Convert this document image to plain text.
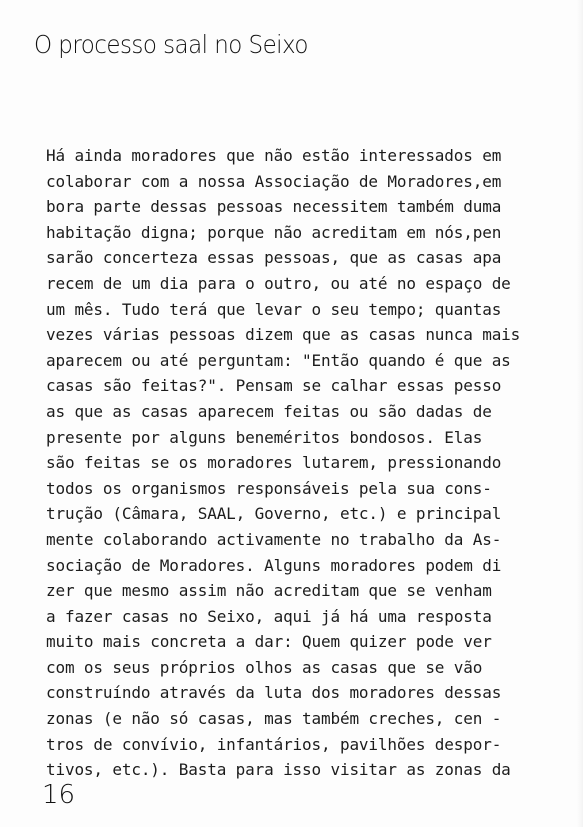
O processo saal no Seixo
Há ainda moradores que não estão interessados em
colaborar com a nossa Associação de Moradores,em
bora parte dessas pessoas necessitem também duma
habitação digna; porque não acreditam em nós,pen
sarão concerteza essas pessoas, que as casas apa
recem de um dia para o outro, ou até no espaço de
um mês. Tudo terá que levar o seu tempo; quantas
vezes várias pessoas dizem que as casas nunca mais
aparecem ou até perguntam: "Então quando é que as
casas são feitas?". Pensam se calhar essas pesso
as que as casas aparecem feitas ou são dadas de
presente por alguns beneméritos bondosos. Elas
são feitas se os moradores lutarem, pressionando
todos os organismos responsáveis pela sua cons-
trução (Câmara, SAAL, Governo, etc.) e principal
mente colaborando activamente no trabalho da As-
sociação de Moradores. Alguns moradores podem di
zer que mesmo assim não acreditam que se venham
a fazer casas no Seixo, aqui já há uma resposta
muito mais concreta a dar: Quem quizer pode ver
com os seus próprios olhos as casas que se vão
construíndo através da luta dos moradores dessas
zonas (e não só casas, mas também creches, cen -
tros de convívio, infantários, pavilhões despor-
tivos, etc.). Basta para isso visitar as zonas da
16
